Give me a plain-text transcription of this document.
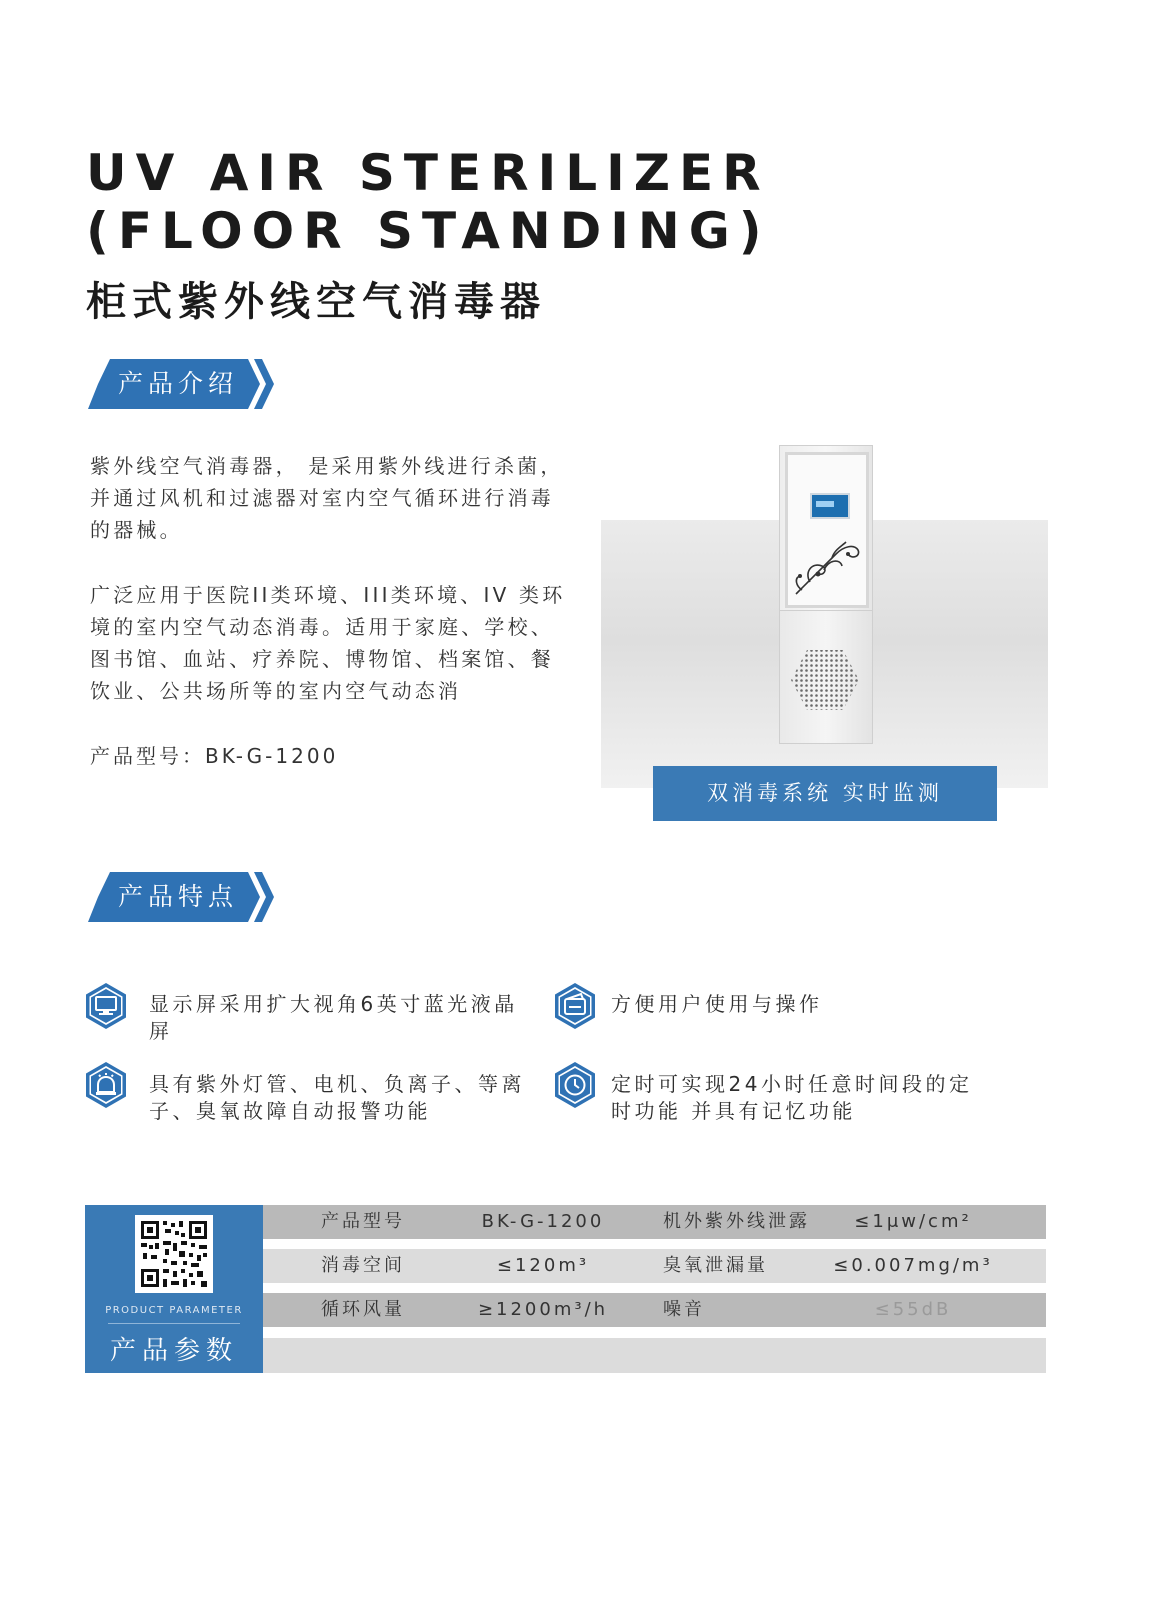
UV AIR STERILIZER
(FLOOR STANDING)
柜式紫外线空气消毒器
产品介绍

紫外线空气消毒器， 是采用紫外线进行杀菌，并通过风机和过滤器对室内空气循环进行消毒的器械。

广泛应用于医院II类环境、III类环境、IV 类环境的室内空气动态消毒。适用于家庭、学校、图书馆、血站、疗养院、博物馆、档案馆、餐饮业、公共场所等的室内空气动态消

产品型号：BK-G-1200
双消毒系统 实时监测
产品特点

显示屏采用扩大视角6英寸蓝光液晶屏

方便用户使用与操作

具有紫外灯管、电机、负离子、等离子、臭氧故障自动报警功能

定时可实现24小时任意时间段的定时功能 并具有记忆功能

PRODUCT PARAMETER
产品参数
产品型号	BK-G-1200	机外紫外线泄露	≤1μw/cm²
消毒空间	≤120m³	臭氧泄漏量	≤0.007mg/m³
循环风量	≥1200m³/h	噪音	≤55dB
